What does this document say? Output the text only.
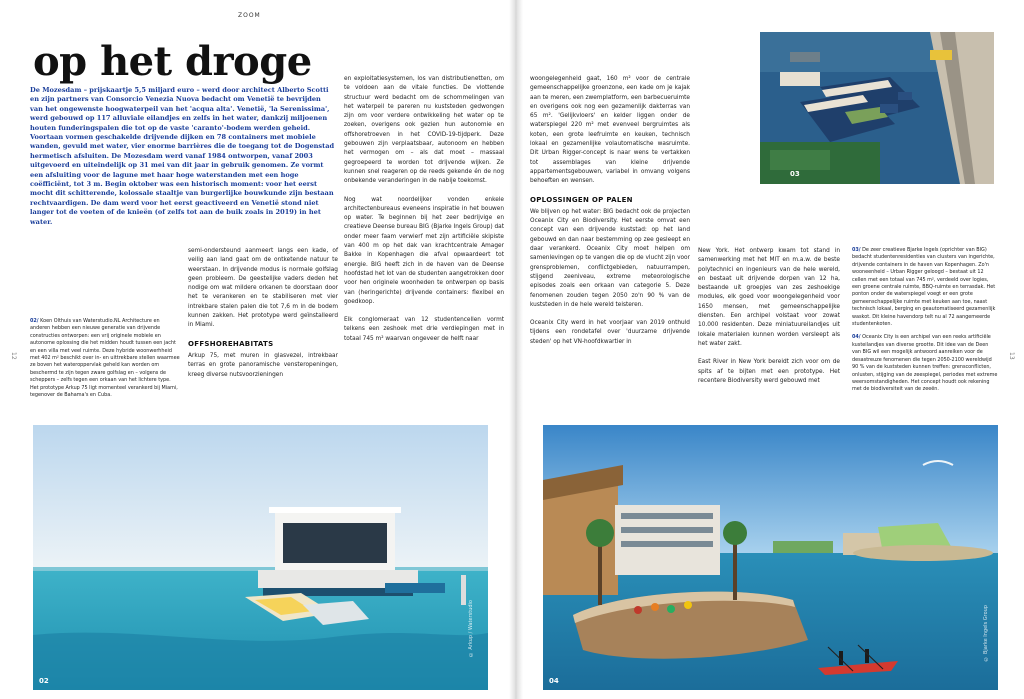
ZOOM
op het droge

De Mozesdam – prijskaartje 5,5 miljard euro – werd door architect Alberto Scotti en zijn partners van Consorcio Venezia Nuova bedacht om Venetië te bevrijden van het ongewenste hoogwaterpeil van het 'acqua alta'. Venetië, 'la Serenissima', werd gebouwd op 117 alluviale eilandjes en zelfs in het water, dankzij miljoenen houten funderingspalen die tot op de vaste 'caranto'-bodem werden geheid. Voortaan vormen geschakelde drijvende dijken en 78 containers met mobiele wanden, gevuld met water, vier enorme barrières die de toegang tot de Dogenstad hermetisch afsluiten. De Mozesdam werd vanaf 1984 ontworpen, vanaf 2003 uitgevoerd en uiteindelijk op 31 mei van dit jaar in gebruik genomen. Ze vormt een afsluiting voor de lagune met haar hoge waterstanden met een hoge coëfficiënt, tot 3 m. Begin oktober was een historisch moment: voor het eerst mocht dit schitterende, kolossale staaltje van burgerlijke bouwkunde zijn bestaan rechtvaardigen. De dam werd voor het eerst geactiveerd en Venetië stond niet langer tot de voeten of de knieën (of zelfs tot aan de buik zoals in 2019) in het water.

03

semi-ondersteund aanmeert langs een kade, of veilig aan land gaat om de ontketende natuur te weerstaan. In drijvende modus is normale golfslag geen probleem. De geestelijke vaders deden het nodige om wat mildere orkanen te doorstaan door het te verankeren en te stabiliseren met vier intrekbare stalen palen die tot 7,6 m in de bodem kunnen zakken. Het prototype werd geïnstalleerd in Miami.

OFFSHOREHABITATS

Arkup 75, met muren in glasvezel, intrekbaar terras en grote panoramische vensteropeningen, kreeg diverse nutsvoorzieningen

02/ Koen Olthuis van Waterstudio.NL Architecture en anderen hebben een nieuwe generatie van drijvende constructies ontworpen: een vrij originele mobiele en autonome oplossing die het midden houdt tussen een jacht en een villa met veel ruimte. Deze hybride woonwerhheid met 402 m² beschikt over in- en uittrekbare stellen waarmee ze boven het wateroppervlak geheld kan worden om beschermd te zijn tegen zware golfslag en – volgens de scheppers – zelfs tegen een orkaan van het lichtere type. Het prototype Arkup 75 ligt momenteel verankerd bij Miami, tegenover de Bahama's en Cuba.

en exploitatiesystemen, los van distributienetten, om te voldoen aan de vitale functies. De vlottende structuur werd bedacht om de schommelingen van het waterpeil te pareren nu kuststeden gedwongen zijn om voor verdere ontwikkeling het water op te zoeken, overigens ook gezien hun autonomie en offshoretroeven in het COVID-19-tijdperk. Deze gebouwen zijn verplaatsbaar, autonoom en hebben het vermogen om – als dat moet – massaal gegroepeerd te worden tot drijvende wijken. Ze kunnen snel reageren op de reeds gekende én de nog onbekende veranderingen in de nabije toekomst.

Nog wat noordelijker vonden enkele architectenbureaus eveneens inspiratie in het bouwen op water. Te beginnen bij het zeer bedrijvige en creatieve Deense bureau BIG (Bjarke Ingels Group) dat onder meer faam verwierf met zijn artificiële skipiste van 400 m op het dak van krachtcentrale Amager Bakke in Kopenhagen die afval opwaardeert tot energie. BIG heeft zich in de haven van de Deense hoofdstad het lot van de studenten aangetrokken door voor hen originele woonheden te ontwerpen op basis van (heringerichte) drijvende containers: flexibel en goedkoop.

Elk conglomeraat van 12 studentencellen vormt telkens een zeshoek met drie verdiepingen met in totaal 745 m² waarvan ongeveer de helft naar

woongelegenheid gaat, 160 m² voor de centrale gemeenschappelijke groenzone, een kade om je kajak aan te meren, een zwemplatform, een barbecueruimte en overigens ook nog een gezamenlijk dakterras van 65 m². 'Gelijkvloers' en kelder liggen onder de waterspiegel 220 m² met evenveel bergruimtes als koten, een grote leefruimte en keuken, technisch lokaal en gezamenlijke volautomatische wasruimte. Dit Urban Rigger-concept is naar wens te vertakken tot assemblages van kleine drijvende appartementsgebouwen, variabel in omvang volgens behoeften en wensen.

OPLOSSINGEN OP PALEN

We blijven op het water: BIG bedacht ook de projecten Oceanix City en Biodiversity. Het eerste omvat een concept van een drijvende kuststad: op het land gebouwd en dan naar bestemming op zee gesleept en daar verankerd. Oceanix City moet helpen om samenlevingen op te vangen die op de vlucht zijn voor grensproblemen, conflictgebieden, natuurrampen, stijgend zeeniveau, extreme meteorologische episodes zoals een orkaan van categorie 5. Deze fenomenen zouden tegen 2050 zo'n 90 % van de kuststeden in de hele wereld teisteren.

Oceanix City werd in het voorjaar van 2019 onthuld tijdens een rondetafel over 'duurzame drijvende steden' op het VN-hoofdkwartier in

New York. Het ontwerp kwam tot stand in samenwerking met het MIT en m.a.w. de beste polytechnici en ingenieurs van de hele wereld, en bestaat uit drijvende dorpen van 12 ha, bestaande uit groepjes van zes zeshoekige modules, elk goed voor woongelegenheid voor 1650 mensen, met gemeenschappelijke diensten. Een archipel volstaat voor zowat 10.000 residenten. Deze miniatuureilandjes uit lokale materialen kunnen worden versleept als het water zakt.

East River in New York bereidt zich voor om de spits af te bijten met een prototype. Het recentere Biodiversity werd gebouwd met

03/ De zeer creatieve Bjarke Ingels (oprichter van BIG) bedacht studentenresidenties van clusters van ingerichte, drijvende containers in de haven van Kopenhagen. Zo'n wooneenheid – Urban Rigger geloogd – bestaat uit 12 cellen met een totaal van 745 m², verdeeld over logies, een groene centrale ruimte, BBQ-ruimte en terrasdak. Het ponton onder de waterspiegel voegt er een grote gemeenschappelijke ruimte met keuken aan toe, naast technisch lokaal, berging en geautomatiseerd gezamenlijk waskot. Dit kleine havendorp telt nu al 72 aangemeerde studentenkoten.

04/ Oceanix City is een archipel van een reeks artificiële kusteilandjes van diverse grootte. Dit idee van de Deen van BIG wil een mogelijk antwoord aanreiken voor de desastreuze fenomenen die tegen 2050-2100 wereldwijd 90 % van de kuststeden kunnen treffen: grensconflicten, onlusten, stijging van de zeespiegel, periodes met extreme weersomstandigheden. Het concept houdt ook rekening met de biodiversiteit van de zeeën.

12	13
02
© Arkup / Waterstudio
04
© Bjarke Ingels Group
